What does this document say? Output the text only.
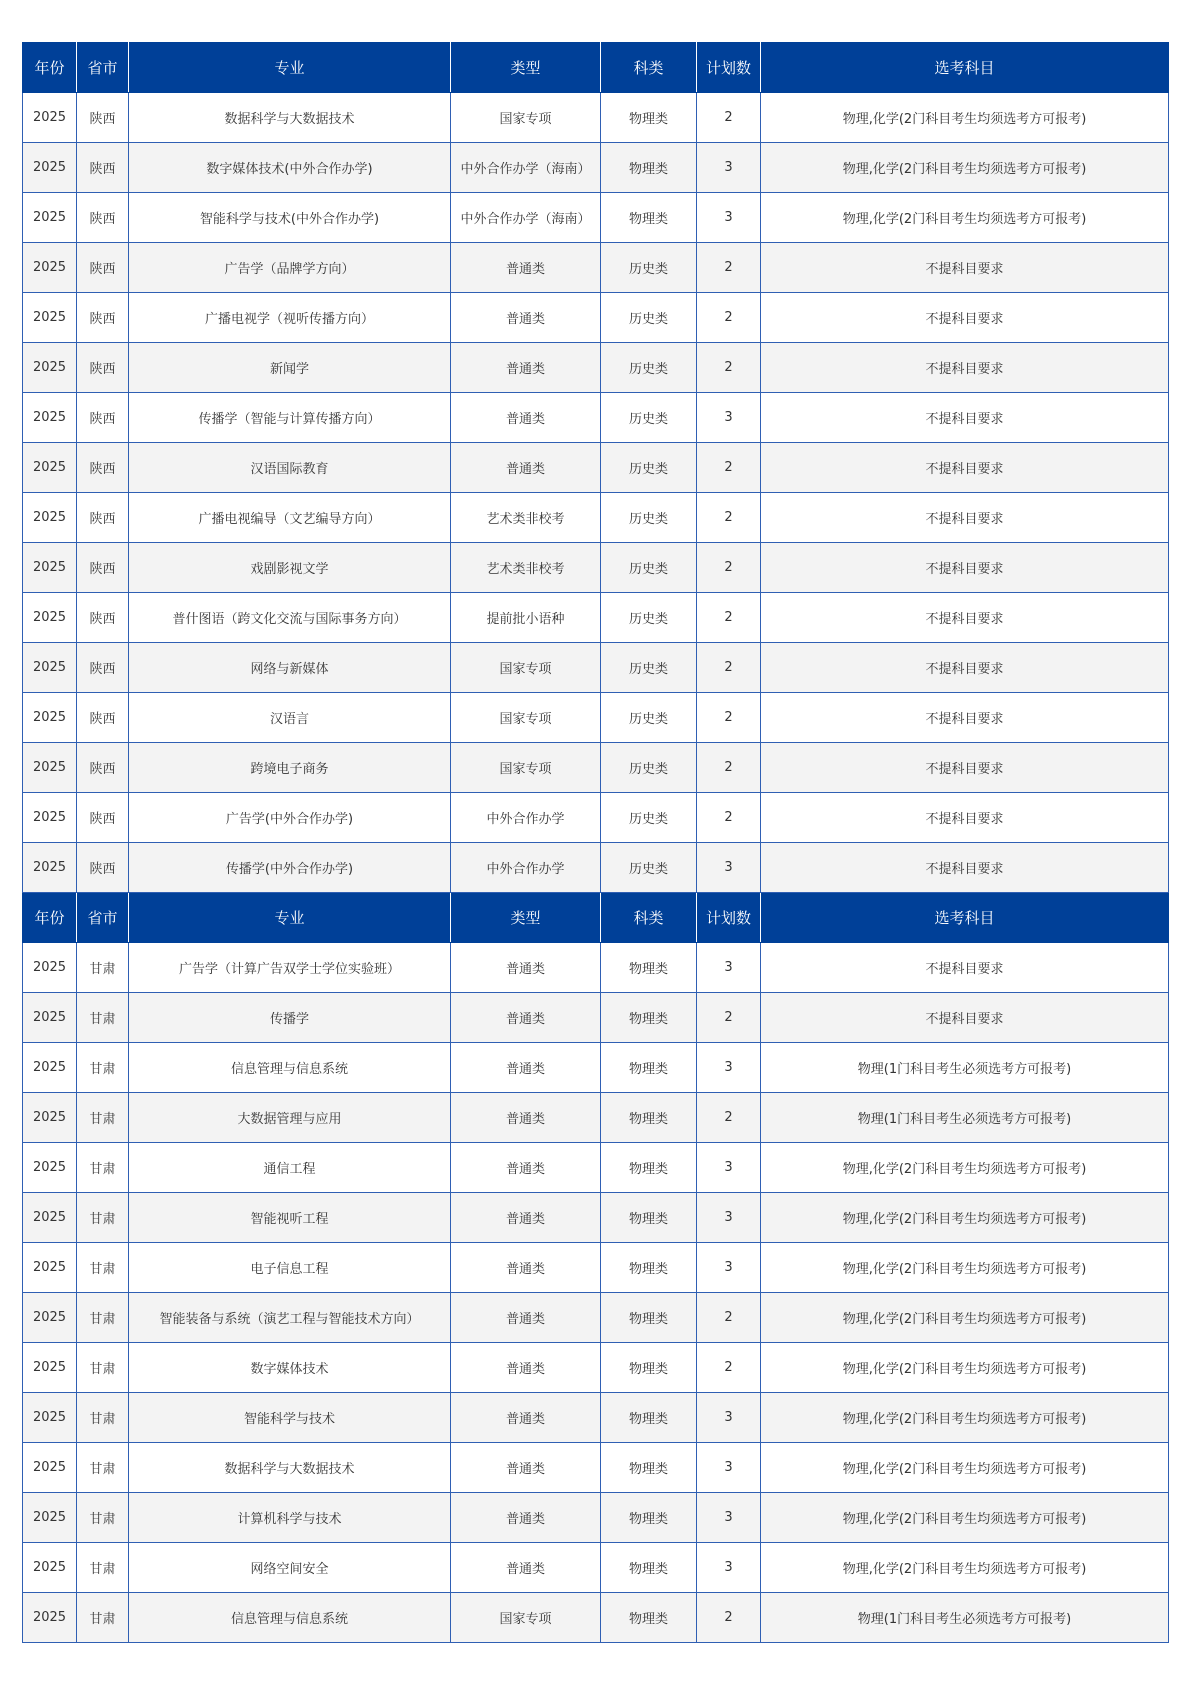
年份	省市	专业	类型	科类	计划数	选考科目
2025	陕西	数据科学与大数据技术	国家专项	物理类	2	物理,化学(2门科目考生均须选考方可报考)
2025	陕西	数字媒体技术(中外合作办学)	中外合作办学（海南）	物理类	3	物理,化学(2门科目考生均须选考方可报考)
2025	陕西	智能科学与技术(中外合作办学)	中外合作办学（海南）	物理类	3	物理,化学(2门科目考生均须选考方可报考)
2025	陕西	广告学（品牌学方向）	普通类	历史类	2	不提科目要求
2025	陕西	广播电视学（视听传播方向）	普通类	历史类	2	不提科目要求
2025	陕西	新闻学	普通类	历史类	2	不提科目要求
2025	陕西	传播学（智能与计算传播方向）	普通类	历史类	3	不提科目要求
2025	陕西	汉语国际教育	普通类	历史类	2	不提科目要求
2025	陕西	广播电视编导（文艺编导方向）	艺术类非校考	历史类	2	不提科目要求
2025	陕西	戏剧影视文学	艺术类非校考	历史类	2	不提科目要求
2025	陕西	普什图语（跨文化交流与国际事务方向）	提前批小语种	历史类	2	不提科目要求
2025	陕西	网络与新媒体	国家专项	历史类	2	不提科目要求
2025	陕西	汉语言	国家专项	历史类	2	不提科目要求
2025	陕西	跨境电子商务	国家专项	历史类	2	不提科目要求
2025	陕西	广告学(中外合作办学)	中外合作办学	历史类	2	不提科目要求
2025	陕西	传播学(中外合作办学)	中外合作办学	历史类	3	不提科目要求
年份	省市	专业	类型	科类	计划数	选考科目
2025	甘肃	广告学（计算广告双学士学位实验班）	普通类	物理类	3	不提科目要求
2025	甘肃	传播学	普通类	物理类	2	不提科目要求
2025	甘肃	信息管理与信息系统	普通类	物理类	3	物理(1门科目考生必须选考方可报考)
2025	甘肃	大数据管理与应用	普通类	物理类	2	物理(1门科目考生必须选考方可报考)
2025	甘肃	通信工程	普通类	物理类	3	物理,化学(2门科目考生均须选考方可报考)
2025	甘肃	智能视听工程	普通类	物理类	3	物理,化学(2门科目考生均须选考方可报考)
2025	甘肃	电子信息工程	普通类	物理类	3	物理,化学(2门科目考生均须选考方可报考)
2025	甘肃	智能装备与系统（演艺工程与智能技术方向）	普通类	物理类	2	物理,化学(2门科目考生均须选考方可报考)
2025	甘肃	数字媒体技术	普通类	物理类	2	物理,化学(2门科目考生均须选考方可报考)
2025	甘肃	智能科学与技术	普通类	物理类	3	物理,化学(2门科目考生均须选考方可报考)
2025	甘肃	数据科学与大数据技术	普通类	物理类	3	物理,化学(2门科目考生均须选考方可报考)
2025	甘肃	计算机科学与技术	普通类	物理类	3	物理,化学(2门科目考生均须选考方可报考)
2025	甘肃	网络空间安全	普通类	物理类	3	物理,化学(2门科目考生均须选考方可报考)
2025	甘肃	信息管理与信息系统	国家专项	物理类	2	物理(1门科目考生必须选考方可报考)
